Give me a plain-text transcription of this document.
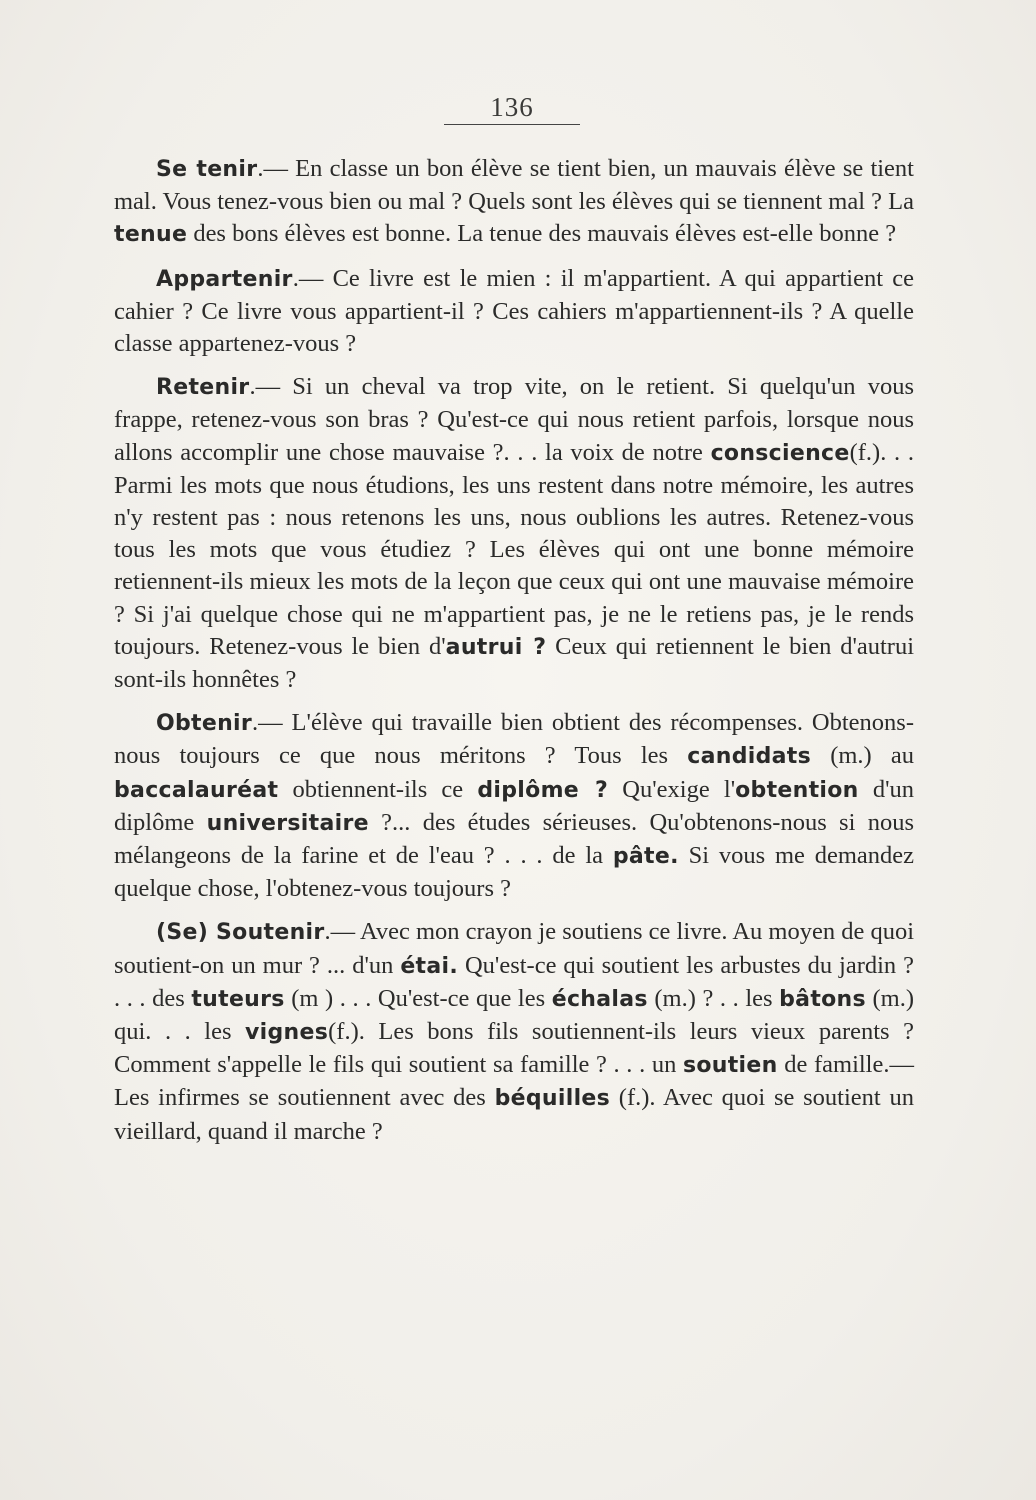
136

Se tenir.— En classe un bon élève se tient bien, un mauvais élève se tient mal. Vous tenez-vous bien ou mal ? Quels sont les élèves qui se tiennent mal ? La tenue des bons élèves est bonne. La tenue des mauvais élèves est-elle bonne ?

Appartenir.— Ce livre est le mien : il m'appartient. A qui appartient ce cahier ? Ce livre vous appartient-il ? Ces cahiers m'appartiennent-ils ? A quelle classe appartenez-vous ?

Retenir.— Si un cheval va trop vite, on le retient. Si quelqu'un vous frappe, retenez-vous son bras ? Qu'est-ce qui nous retient parfois, lorsque nous allons accomplir une chose mauvaise ?. . . la voix de notre conscience(f.). . . Parmi les mots que nous étudions, les uns restent dans notre mémoire, les autres n'y restent pas : nous retenons les uns, nous oublions les autres. Retenez-vous tous les mots que vous étudiez ? Les élèves qui ont une bonne mémoire retiennent-ils mieux les mots de la leçon que ceux qui ont une mauvaise mémoire ? Si j'ai quelque chose qui ne m'appartient pas, je ne le retiens pas, je le rends toujours. Retenez-vous le bien d'autrui ? Ceux qui retiennent le bien d'autrui sont-ils honnêtes ?

Obtenir.— L'élève qui travaille bien obtient des récompenses. Obtenons-nous toujours ce que nous méritons ? Tous les candidats (m.) au baccalauréat obtiennent-ils ce diplôme ? Qu'exige l'obtention d'un diplôme universitaire ?... des études sérieuses. Qu'obtenons-nous si nous mélangeons de la farine et de l'eau ? . . . de la pâte. Si vous me demandez quelque chose, l'obtenez-vous toujours ?

(Se) Soutenir.— Avec mon crayon je soutiens ce livre. Au moyen de quoi soutient-on un mur ? ... d'un étai. Qu'est-ce qui soutient les arbustes du jardin ? . . . des tuteurs (m ) . . . Qu'est-ce que les échalas (m.) ? . . les bâtons (m.) qui. . . les vignes(f.). Les bons fils soutiennent-ils leurs vieux parents ? Comment s'appelle le fils qui soutient sa famille ? . . . un soutien de famille.— Les infirmes se soutiennent avec des béquilles (f.). Avec quoi se soutient un vieillard, quand il marche ?
